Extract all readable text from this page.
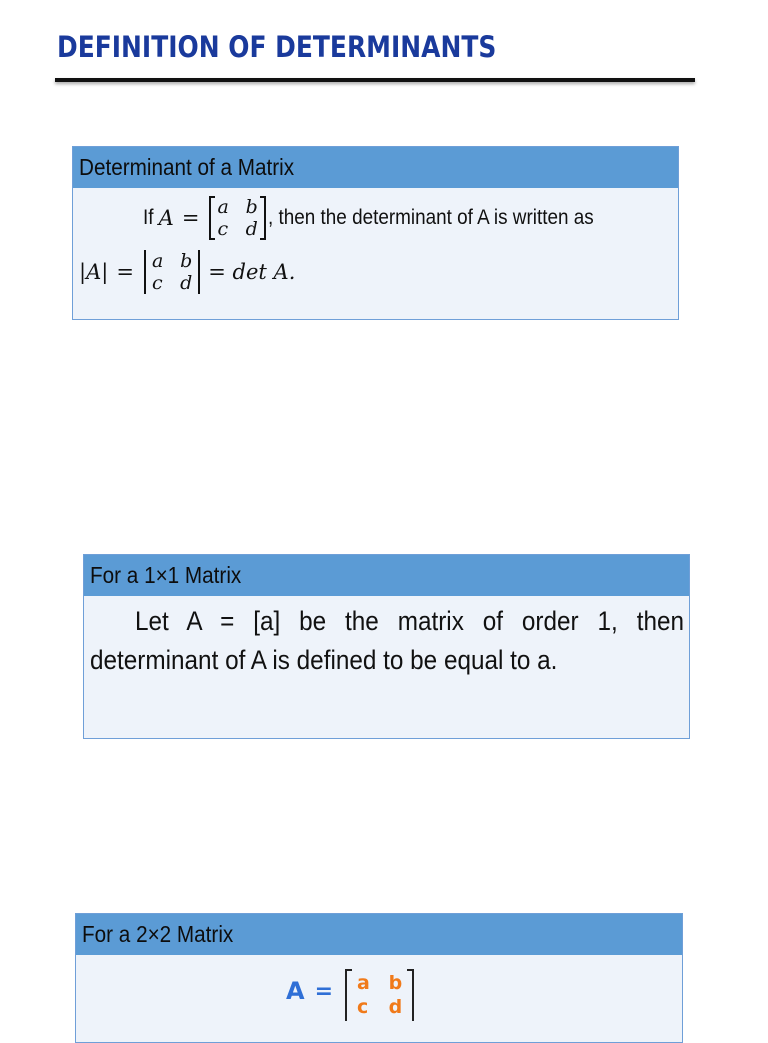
DEFINITION OF DETERMINANTS
Determinant of a Matrix
If A = a b
c d , then the determinant of A is written as
|A| = a b
c d = det A.
For a 1×1 Matrix
Let A = [a] be the matrix of order 1, then determinant of A is defined to be equal to a.
For a 2×2 Matrix
A = a b
c d
